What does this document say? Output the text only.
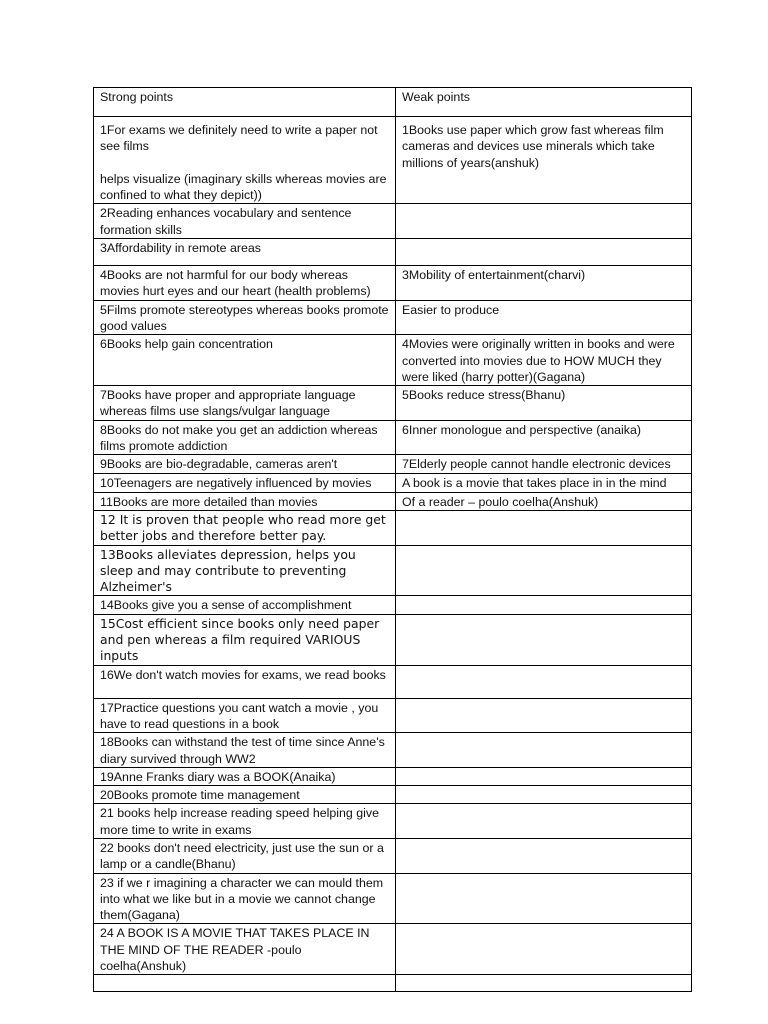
Strong points	Weak points
1For exams we definitely need to write a paper not see films

helps visualize (imaginary skills whereas movies are confined to what they depict))	1Books use paper which grow fast whereas film cameras and devices use minerals which take millions of years(anshuk)
2Reading enhances vocabulary and sentence formation skills	
3Affordability in remote areas	
4Books are not harmful for our body whereas movies hurt eyes and our heart (health problems)	3Mobility of entertainment(charvi)
5Films promote stereotypes whereas books promote good values	Easier to produce
6Books help gain concentration	4Movies were originally written in books and were converted into movies due to HOW MUCH they were liked (harry potter)(Gagana)
7Books have proper and appropriate language whereas films use slangs/vulgar language	5Books reduce stress(Bhanu)
8Books do not make you get an addiction whereas films promote addiction	6Inner monologue and perspective (anaika)
9Books are bio-degradable, cameras aren't	7Elderly people cannot handle electronic devices
10Teenagers are negatively influenced by movies	A book is a movie that takes place in in the mind
11Books are more detailed than movies	Of a reader – poulo coelha(Anshuk)
12 It is proven that people who read more get better jobs and therefore better pay.	
13Books alleviates depression, helps you sleep and may contribute to preventing Alzheimer's	
14Books give you a sense of accomplishment	
15Cost efficient since books only need paper and pen whereas a film required VARIOUS inputs	
16We don't watch movies for exams, we read books	
17Practice questions you cant watch a movie , you have to read questions in a book	
18Books can withstand the test of time since Anne's diary survived through WW2	
19Anne Franks diary was a BOOK(Anaika)	
20Books promote time management	
21 books help increase reading speed helping give more time to write in exams	
22 books don't need electricity, just use the sun or a lamp or a candle(Bhanu)	
23 if we r imagining a character we can mould them into what we like but in a movie we cannot change them(Gagana)	
24 A BOOK IS A MOVIE THAT TAKES PLACE IN THE MIND OF THE READER -poulo coelha(Anshuk)	
